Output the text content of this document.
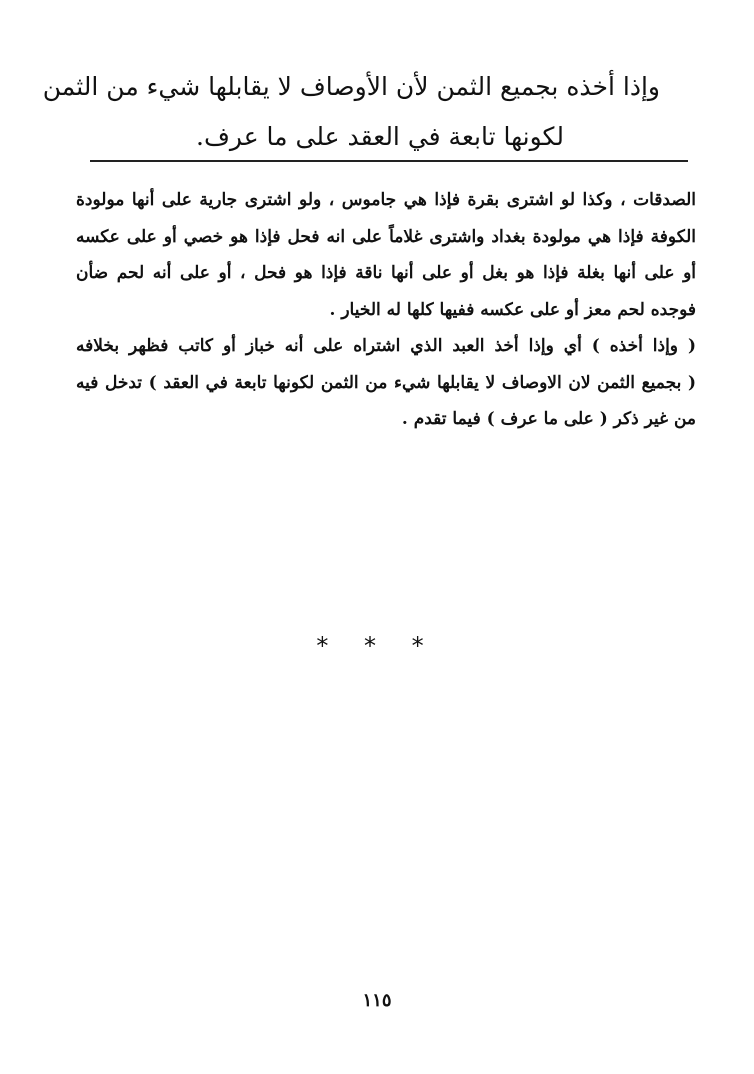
وإذا أخذه بجميع الثمن لأن الأوصاف لا يقابلها شيء من الثمن
لكونها تابعة في العقد على ما عرف.
الصدقات ، وكذا لو اشترى بقرة فإذا هي جاموس ، ولو اشترى جارية على أنها مولودة
الكوفة فإذا هي مولودة بغداد واشترى غلاماً على انه فحل فإذا هو خصي أو على عكسه
أو على أنها بغلة فإذا هو بغل أو على أنها ناقة فإذا هو فحل ، أو على أنه لحم ضأن
فوجده لحم معز أو على عكسه ففيها كلها له الخيار .
( وإذا أخذه ) أي وإذا أخذ العبد الذي اشتراه على أنه خباز أو كاتب فظهر بخلافه
( بجميع الثمن لان الاوصاف لا يقابلها شيء من الثمن لكونها تابعة في العقد ) تدخل فيه
من غير ذكر ( على ما عرف ) فيما تقدم .
* * *
١١٥
